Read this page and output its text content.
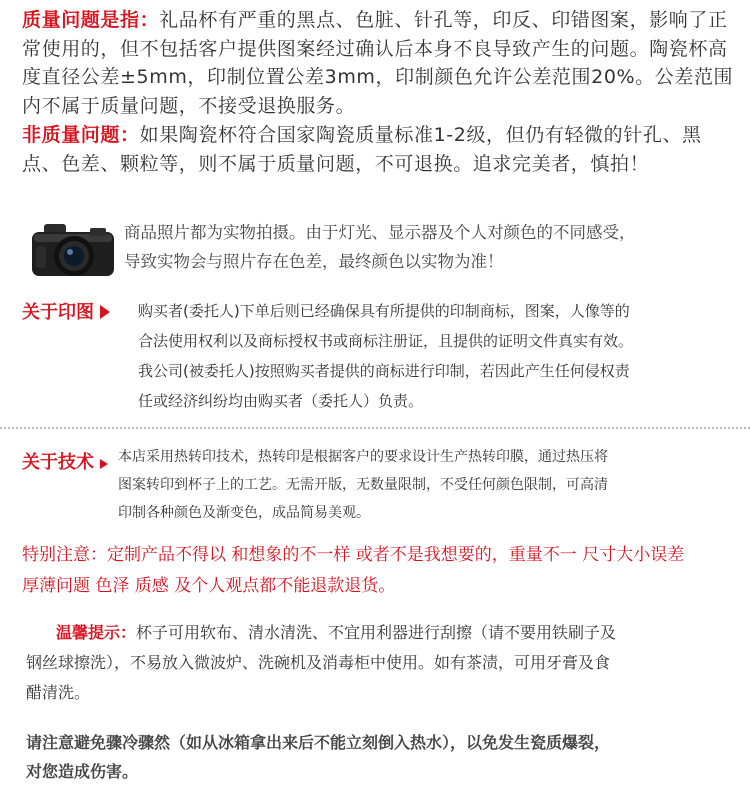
质量问题是指：礼品杯有严重的黑点、色脏、针孔等，印反、印错图案，影响了正常使用的，但不包括客户提供图案经过确认后本身不良导致产生的问题。陶瓷杯高度直径公差±5mm，印制位置公差3mm，印制颜色允许公差范围20%。公差范围内不属于质量问题，不接受退换服务。

非质量问题：如果陶瓷杯符合国家陶瓷质量标准1-2级，但仍有轻微的针孔、黑点、色差、颗粒等，则不属于质量问题，不可退换。追求完美者，慎拍！

商品照片都为实物拍摄。由于灯光、显示器及个人对颜色的不同感受，
导致实物会与照片存在色差，最终颜色以实物为准！
关于印图	购买者(委托人)下单后则已经确保具有所提供的印制商标，图案，人像等的
合法使用权利以及商标授权书或商标注册证，且提供的证明文件真实有效。
我公司(被委托人)按照购买者提供的商标进行印制，若因此产生任何侵权责
任或经济纠纷均由购买者（委托人）负责。
关于技术	本店采用热转印技术，热转印是根据客户的要求设计生产热转印膜，通过热压将
图案转印到杯子上的工艺。无需开版，无数量限制，不受任何颜色限制，可高清
印制各种颜色及渐变色，成品简易美观。
特别注意：定制产品不得以 和想象的不一样 或者不是我想要的，重量不一 尺寸大小误差
厚薄问题 色泽 质感 及个人观点都不能退款退货。
温馨提示：杯子可用软布、清水清洗、不宜用利器进行刮擦（请不要用铁刷子及
钢丝球擦洗），不易放入微波炉、洗碗机及消毒柜中使用。如有茶渍，可用牙膏及食
醋清洗。
请注意避免骤冷骤然（如从冰箱拿出来后不能立刻倒入热水），以免发生瓷质爆裂，
对您造成伤害。
